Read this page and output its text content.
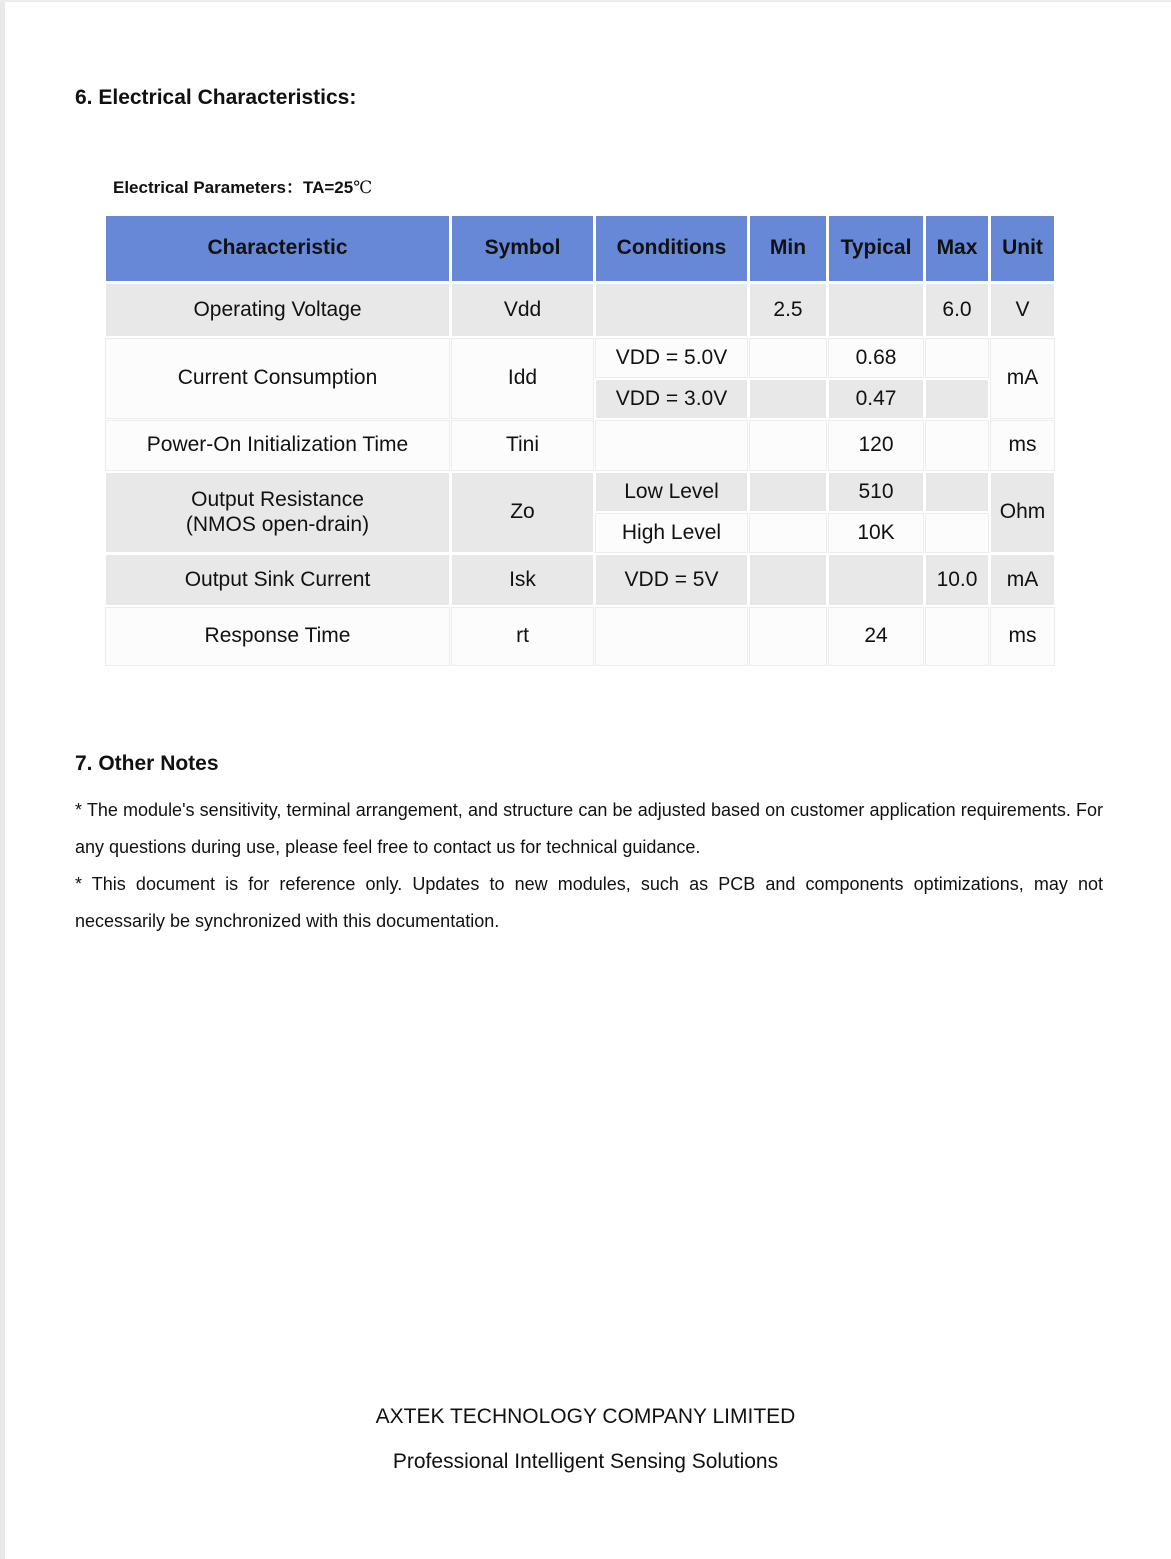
6. Electrical Characteristics:
Electrical Parameters：TA=25℃
Characteristic	Symbol	Conditions	Min	Typical	Max	Unit
Operating Voltage	Vdd		2.5		6.0	V
Current Consumption	Idd	VDD = 5.0V		0.68		mA
		VDD = 3.0V		0.47		
Power-On Initialization Time	Tini			120		ms
Output Resistance
(NMOS open-drain)	Zo	Low Level		510		Ohm
		High Level		10K		
Output Sink Current	Isk	VDD = 5V			10.0	mA
Response Time	rt			24		ms
7. Other Notes

* The module's sensitivity, terminal arrangement, and structure can be adjusted based on customer application requirements. For any questions during use, please feel free to contact us for technical guidance.

* This document is for reference only. Updates to new modules, such as PCB and components optimizations, may not necessarily be synchronized with this documentation.

AXTEK TECHNOLOGY COMPANY LIMITED
Professional Intelligent Sensing Solutions
